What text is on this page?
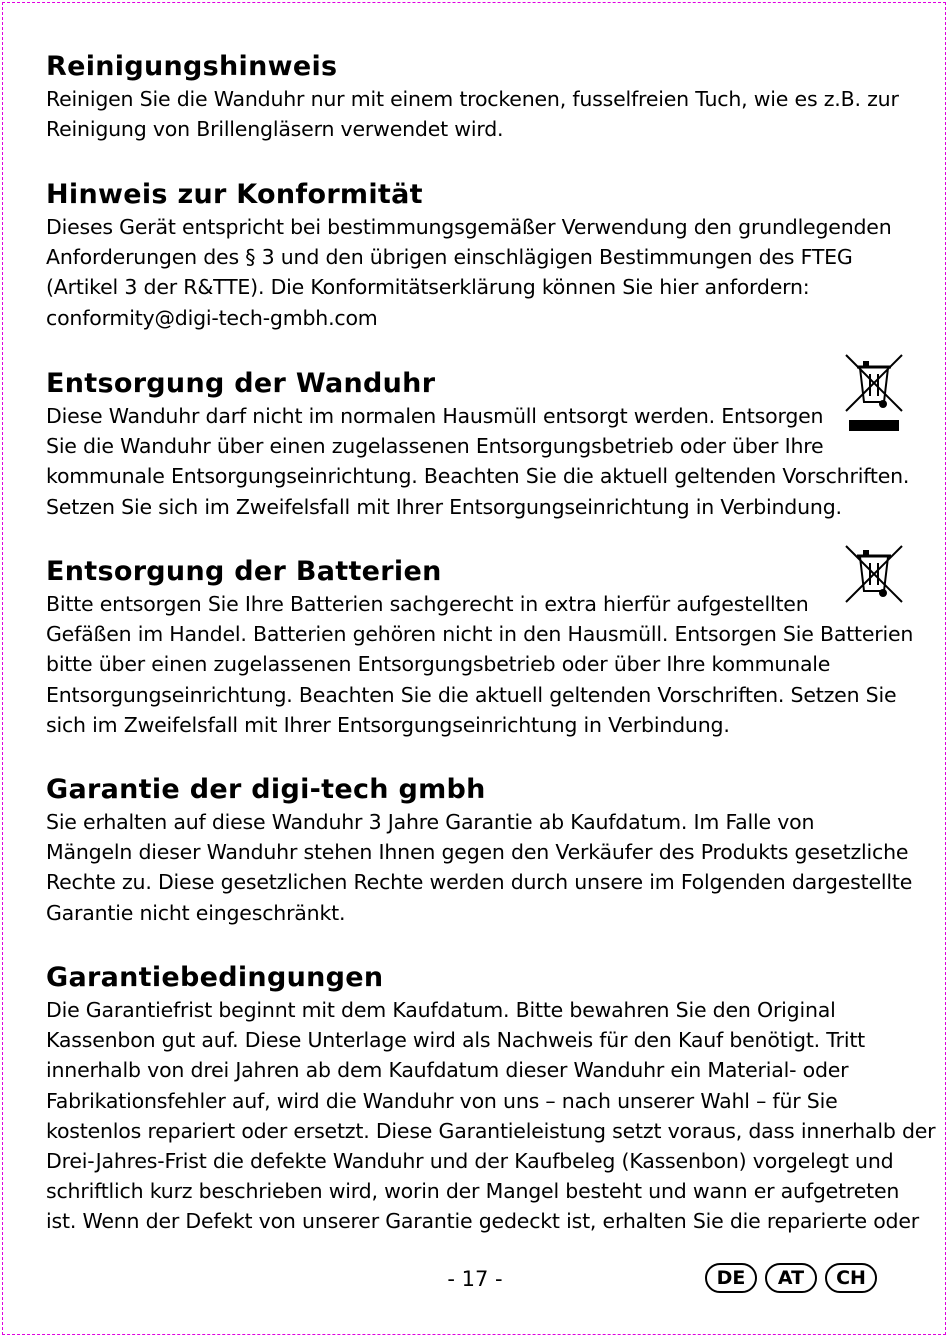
Reinigungshinweis
Reinigen Sie die Wanduhr nur mit einem trockenen, fusselfreien Tuch, wie es z.B. zur
Reinigung von Brillengläsern verwendet wird.
Hinweis zur Konformität
Dieses Gerät entspricht bei bestimmungsgemäßer Verwendung den grundlegenden
Anforderungen des § 3 und den übrigen einschlägigen Bestimmungen des FTEG
(Artikel 3 der R&TTE). Die Konformitätserklärung können Sie hier anfordern:
conformity@digi-tech-gmbh.com
Entsorgung der Wanduhr
Diese Wanduhr darf nicht im normalen Hausmüll entsorgt werden. Entsorgen
Sie die Wanduhr über einen zugelassenen Entsorgungsbetrieb oder über Ihre
kommunale Entsorgungseinrichtung. Beachten Sie die aktuell geltenden Vorschriften.
Setzen Sie sich im Zweifelsfall mit Ihrer Entsorgungseinrichtung in Verbindung.
Entsorgung der Batterien
Bitte entsorgen Sie Ihre Batterien sachgerecht in extra hierfür aufgestellten
Gefäßen im Handel. Batterien gehören nicht in den Hausmüll. Entsorgen Sie Batterien
bitte über einen zugelassenen Entsorgungsbetrieb oder über Ihre kommunale
Entsorgungseinrichtung. Beachten Sie die aktuell geltenden Vorschriften. Setzen Sie
sich im Zweifelsfall mit Ihrer Entsorgungseinrichtung in Verbindung.
Garantie der digi-tech gmbh
Sie erhalten auf diese Wanduhr 3 Jahre Garantie ab Kaufdatum. Im Falle von
Mängeln dieser Wanduhr stehen Ihnen gegen den Verkäufer des Produkts gesetzliche
Rechte zu. Diese gesetzlichen Rechte werden durch unsere im Folgenden dargestellte
Garantie nicht eingeschränkt.
Garantiebedingungen
Die Garantiefrist beginnt mit dem Kaufdatum. Bitte bewahren Sie den Original
Kassenbon gut auf. Diese Unterlage wird als Nachweis für den Kauf benötigt. Tritt
innerhalb von drei Jahren ab dem Kaufdatum dieser Wanduhr ein Material- oder
Fabrikationsfehler auf, wird die Wanduhr von uns – nach unserer Wahl – für Sie
kostenlos repariert oder ersetzt. Diese Garantieleistung setzt voraus, dass innerhalb der
Drei-Jahres-Frist die defekte Wanduhr und der Kaufbeleg (Kassenbon) vorgelegt und
schriftlich kurz beschrieben wird, worin der Mangel besteht und wann er aufgetreten
ist. Wenn der Defekt von unserer Garantie gedeckt ist, erhalten Sie die reparierte oder
- 17 -	DE	AT	CH
